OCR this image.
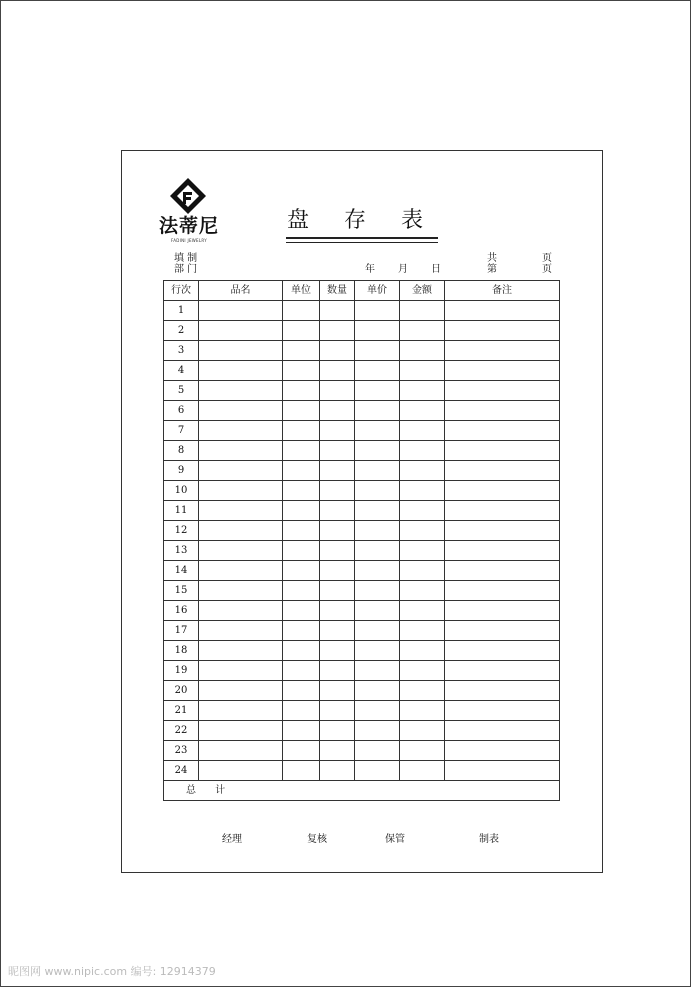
法蒂尼
FADINI JEWELRY
盘 存 表
填 制
部 门	年 月 日
共	页
第	页
行次	品名	单位	数量	单价	金额	备注
1						
2						
3						
4						
5						
6						
7						
8						
9						
10						
11						
12						
13						
14						
15						
16						
17						
18						
19						
20						
21						
22						
23						
24						
总 计						
经理	复核	保管	制表
昵图网 www.nipic.com 编号: 12914379
